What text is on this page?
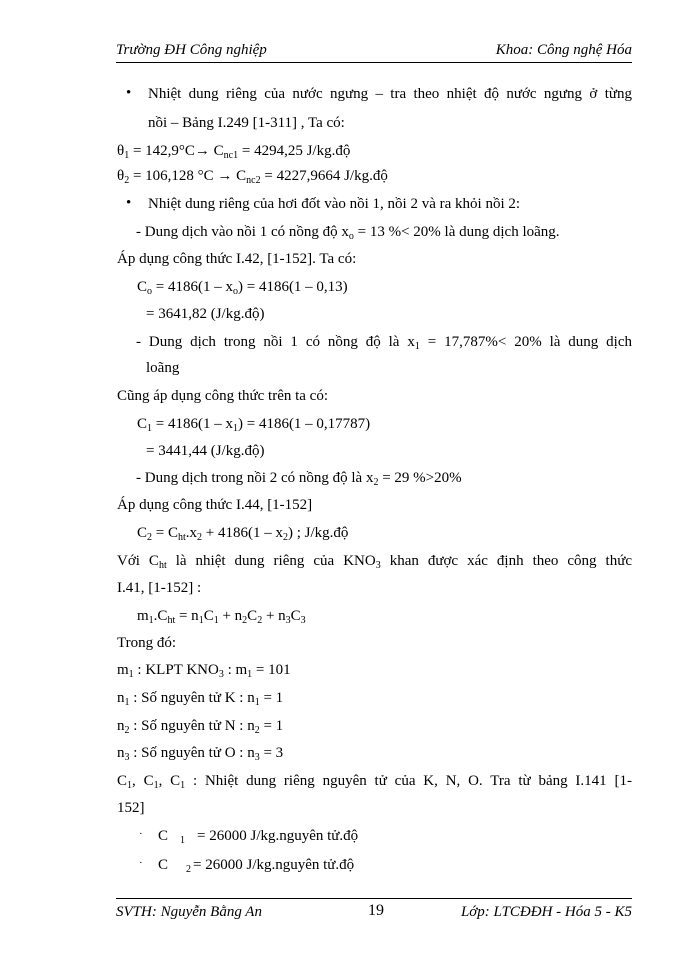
Trường ĐH Công nghiệp	Khoa: Công nghệ Hóa
• Nhiệt dung riêng của nước ngưng – tra theo nhiệt độ nước ngưng ở từng
nồi – Bảng I.249 [1-311] , Ta có:
$\theta_1 = 142,9^\circ C\to C_{nc1} = 4294,25$ J/kg.độ
$\theta_2 = 106,128$ $^\circ C \to C_{nc2} = 4227,9664$ J/kg.độ
• Nhiệt dung riêng của hơi đốt vào nồi 1, nồi 2 và ra khỏi nồi 2:
- Dung dịch vào nồi 1 có nồng độ $x_o = 13$ %< 20% là dung dịch loãng.
Áp dụng công thức I.42, [1-152]. Ta có:
$C_o = 4186(1 - x_o) = 4186(1 - 0,13)$
= 3641,82 (J/kg.độ)
- Dung dịch trong nồi 1 có nồng độ là $x_1 = 17,787\%< 20\%$ là dung dịch
loãng
Cũng áp dụng công thức trên ta có:
$C_1 = 4186(1 - x_1) = 4186(1 - 0,17787)$
= 3441,44 (J/kg.độ)
- Dung dịch trong nồi 2 có nồng độ là $x_2 = 29$ %>20%
Áp dụng công thức I.44, [1-152]
$C_2 = C_{ht}.x_2 + 4186(1 - x_2)$ ; J/kg.độ
Với $C_{ht}$ là nhiệt dung riêng của $KNO_3$ khan được xác định theo công thức
I.41, [1-152] :
$m_1.C_{ht} = n_1C_1 + n_2C_2 + n_3C_3$
Trong đó:
$m_1$ : KLPT $KNO_3$ : $m_1 = 101$
$n_1$ : Số nguyên tử K : $n_1 = 1$
$n_2$ : Số nguyên tử N : $n_2 = 1$
$n_3$ : Số nguyên tử O : $n_3 = 3$
$C_1$, $C_1$, $C_1$ : Nhiệt dung riêng nguyên tử của K, N, O. Tra từ bảng I.141 [1-
152]
· C $_1$ = 26000 J/kg.nguyên tử.độ
· C $_2$ = 26000 J/kg.nguyên tử.độ
SVTH: Nguyễn Bằng An	19	Lớp: LTCĐĐH - Hóa 5 - K5
